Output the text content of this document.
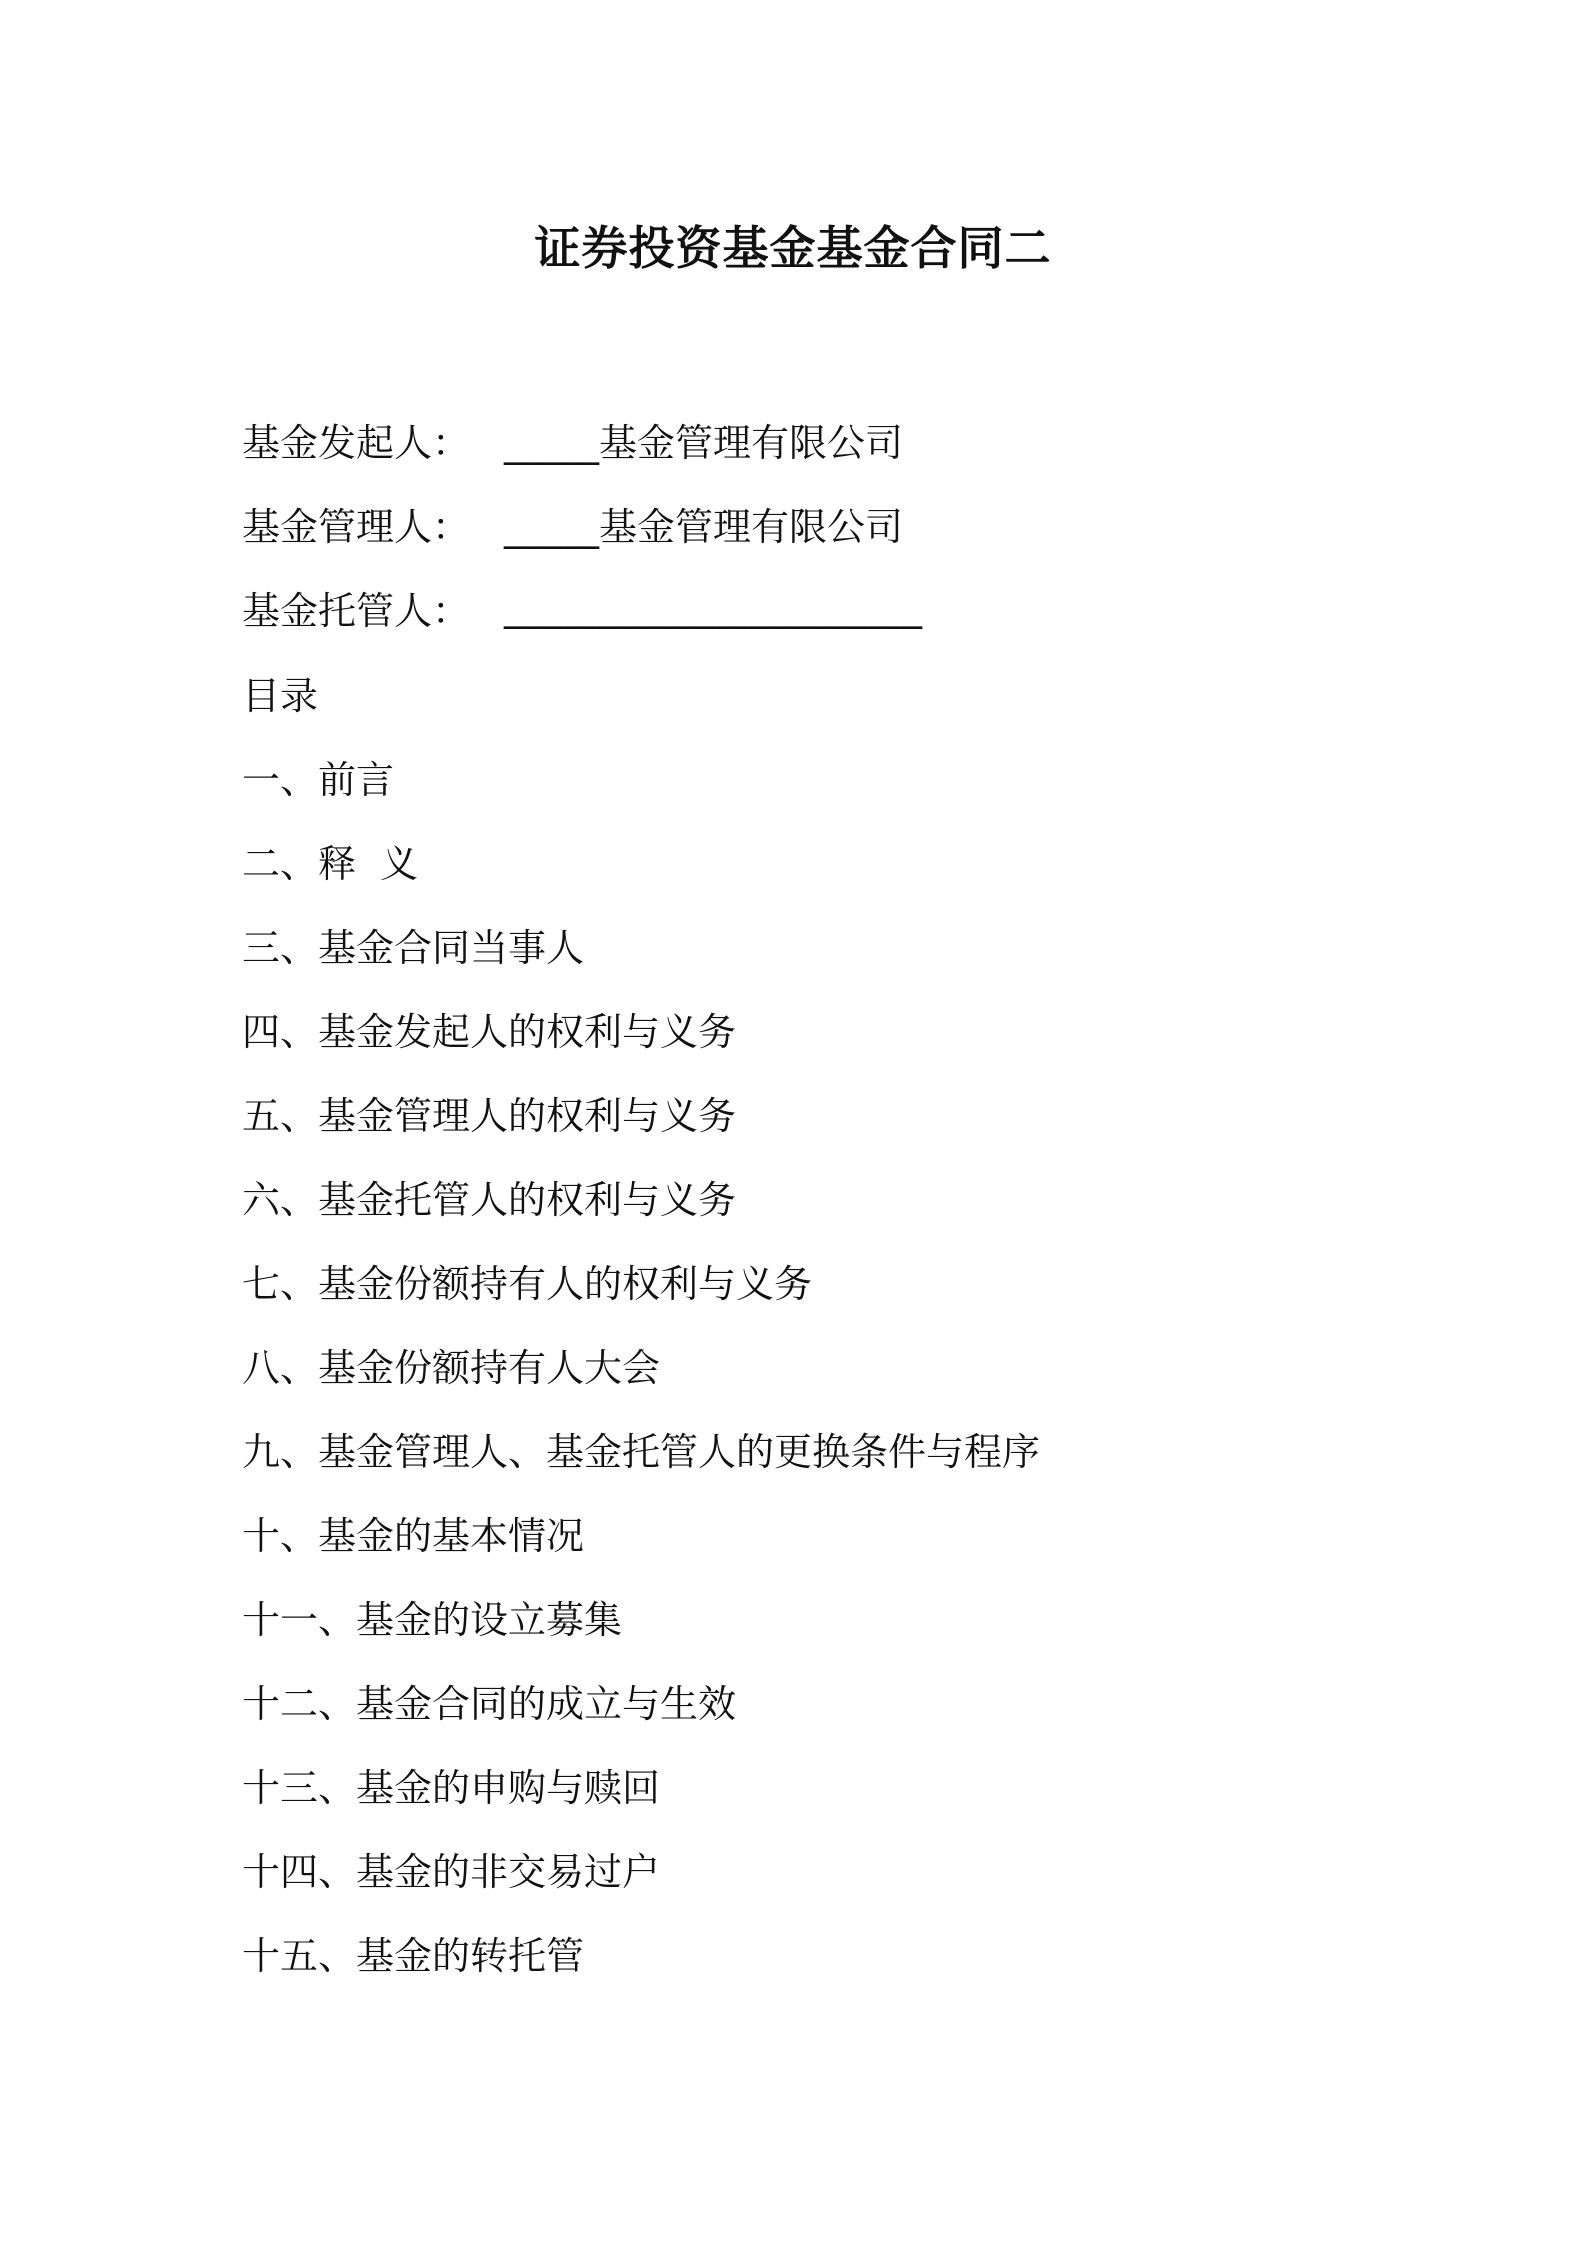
证券投资基金基金合同二
基金发起人： _____基金管理有限公司
基金管理人： _____基金管理有限公司
基金托管人： ______________________
目录
一、前言
二、释  义
三、基金合同当事人
四、基金发起人的权利与义务
五、基金管理人的权利与义务
六、基金托管人的权利与义务
七、基金份额持有人的权利与义务
八、基金份额持有人大会
九、基金管理人、基金托管人的更换条件与程序
十、基金的基本情况
十一、基金的设立募集
十二、基金合同的成立与生效
十三、基金的申购与赎回
十四、基金的非交易过户
十五、基金的转托管
